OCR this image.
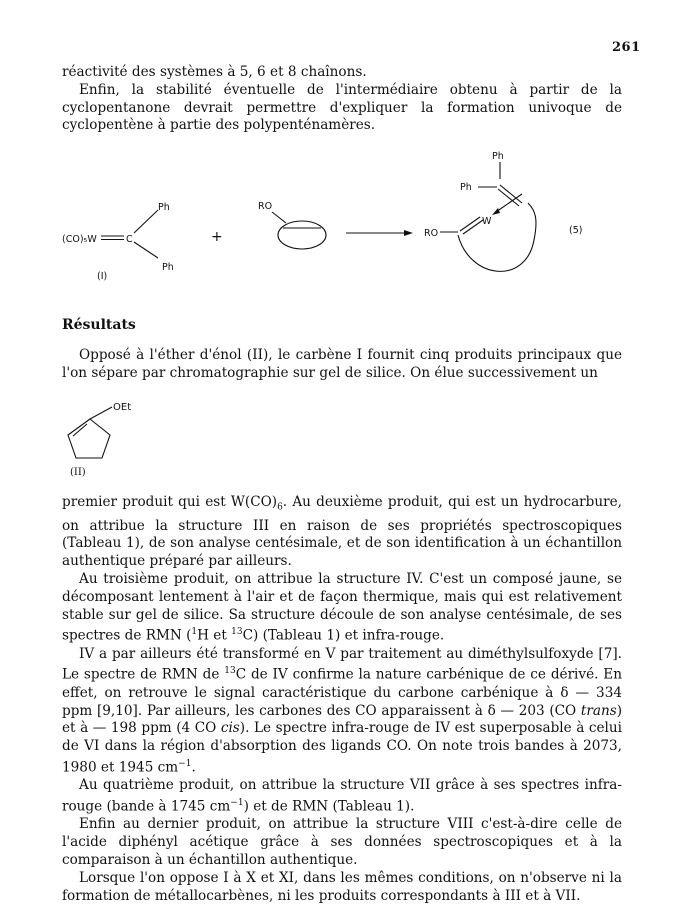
261

réactivité des systèmes à 5, 6 et 8 chaînons.

Enfin, la stabilité éventuelle de l'intermédiaire obtenu à partir de la cyclopentanone devrait permettre d'expliquer la formation univoque de cyclopentène à partie des polypenténamères.

(CO)₅W	C
Ph
Ph
(I)
+
RO
Ph
Ph
W
RO	(5)
Résultats

Opposé à l'éther d'énol (II), le carbène I fournit cinq produits principaux que l'on sépare par chromatographie sur gel de silice. On élue successivement un

OEt
(II)

premier produit qui est $W(CO)_6$. Au deuxième produit, qui est un hydrocarbure, on attribue la structure III en raison de ses propriétés spectroscopiques (Tableau 1), de son analyse centésimale, et de son identification à un échantillon authentique préparé par ailleurs.

Au troisième produit, on attribue la structure IV. C'est un composé jaune, se décomposant lentement à l'air et de façon thermique, mais qui est relativement stable sur gel de silice. Sa structure découle de son analyse centésimale, de ses spectres de RMN ($^1$H et $^{13}$C) (Tableau 1) et infra-rouge.

IV a par ailleurs été transformé en V par traitement au diméthylsulfoxyde [7]. Le spectre de RMN de $^{13}$C de IV confirme la nature carbénique de ce dérivé. En effet, on retrouve le signal caractéristique du carbone carbénique à δ — 334 ppm [9,10]. Par ailleurs, les carbones des CO apparaissent à δ — 203 (CO trans) et à — 198 ppm (4 CO cis). Le spectre infra-rouge de IV est superposable à celui de VI dans la région d'absorption des ligands CO. On note trois bandes à 2073, 1980 et 1945 $cm^{-1}$.

Au quatrième produit, on attribue la structure VII grâce à ses spectres infra-rouge (bande à 1745 $cm^{-1}$) et de RMN (Tableau 1).

Enfin au dernier produit, on attribue la structure VIII c'est-à-dire celle de l'acide diphényl acétique grâce à ses données spectroscopiques et à la comparaison à un échantillon authentique.

Lorsque l'on oppose I à X et XI, dans les mêmes conditions, on n'observe ni la formation de métallocarbènes, ni les produits correspondants à III et à VII.
